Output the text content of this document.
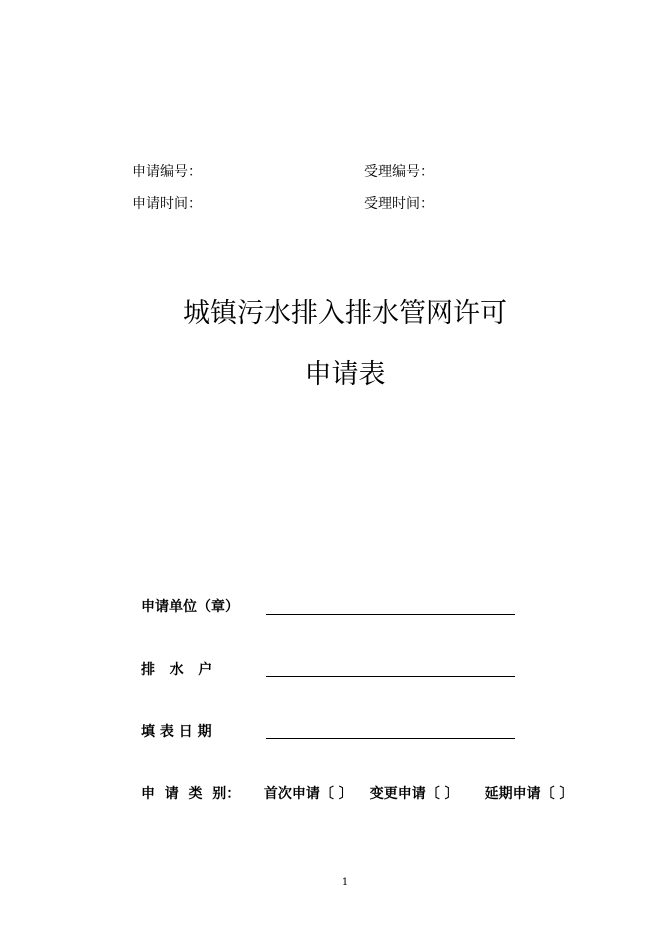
申请编号：	受理编号：
申请时间：	受理时间：
城镇污水排入排水管网许可
申请表
申请单位（章）
排   水   户
填 表 日 期
申  请  类  别： 首次申请〔 〕 变更申请〔 〕 延期申请〔 〕
1
